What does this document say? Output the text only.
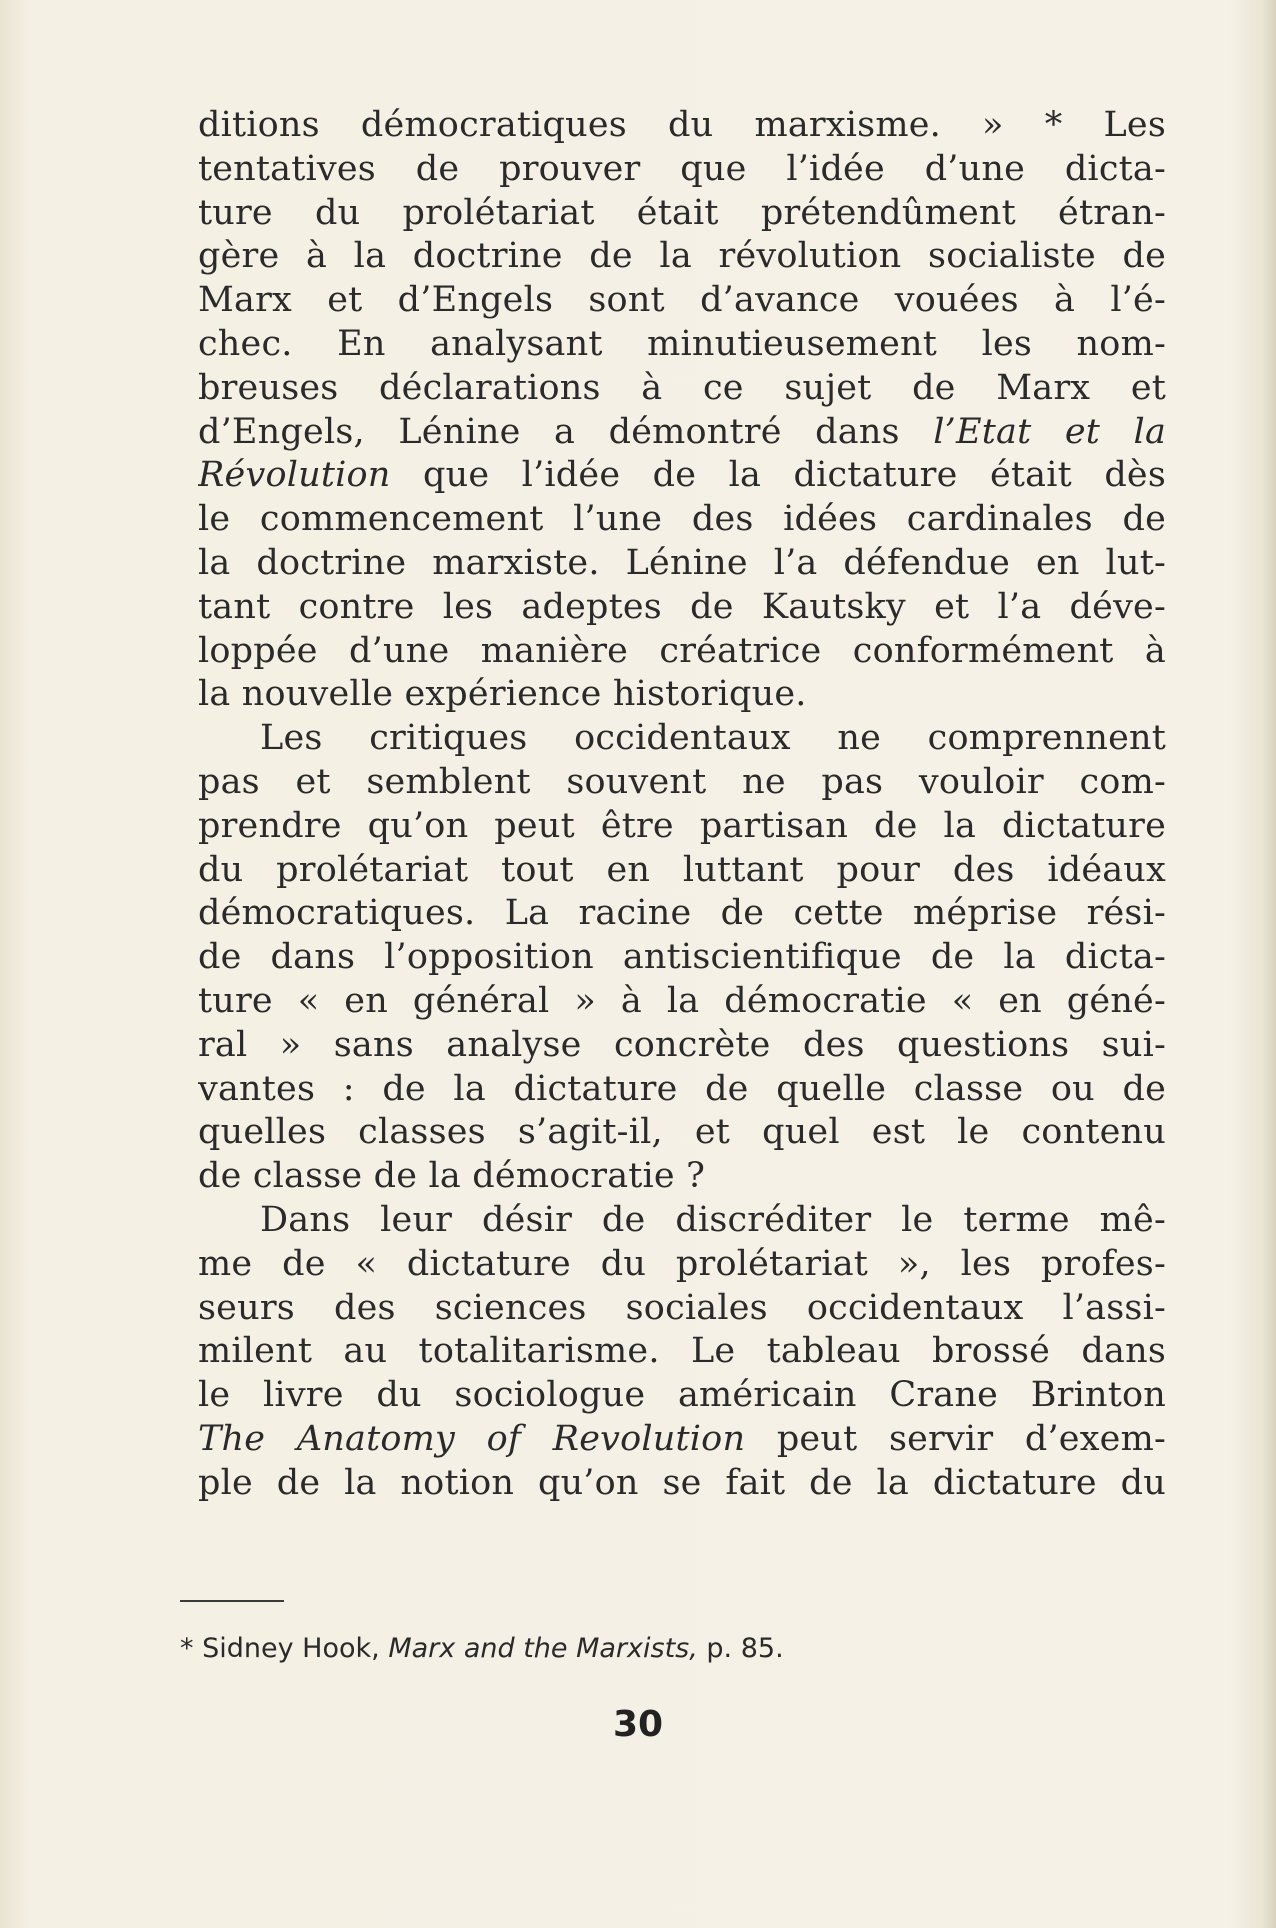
ditions démocratiques du marxisme. » * Les
tentatives de prouver que l’idée d’une dicta-
ture du prolétariat était prétendûment étran-
gère à la doctrine de la révolution socialiste de
Marx et d’Engels sont d’avance vouées à l’é-
chec. En analysant minutieusement les nom-
breuses déclarations à ce sujet de Marx et
d’Engels, Lénine a démontré dans l’Etat et la
Révolution que l’idée de la dictature était dès
le commencement l’une des idées cardinales de
la doctrine marxiste. Lénine l’a défendue en lut-
tant contre les adeptes de Kautsky et l’a déve-
loppée d’une manière créatrice conformément à
la nouvelle expérience historique.
Les critiques occidentaux ne comprennent
pas et semblent souvent ne pas vouloir com-
prendre qu’on peut être partisan de la dictature
du prolétariat tout en luttant pour des idéaux
démocratiques. La racine de cette méprise rési-
de dans l’opposition antiscientifique de la dicta-
ture « en général » à la démocratie « en géné-
ral » sans analyse concrète des questions sui-
vantes : de la dictature de quelle classe ou de
quelles classes s’agit-il, et quel est le contenu
de classe de la démocratie ?
Dans leur désir de discréditer le terme mê-
me de « dictature du prolétariat », les profes-
seurs des sciences sociales occidentaux l’assi-
milent au totalitarisme. Le tableau brossé dans
le livre du sociologue américain Crane Brinton
The Anatomy of Revolution peut servir d’exem-
ple de la notion qu’on se fait de la dictature du
* Sidney Hook, Marx and the Marxists, p. 85.
30
